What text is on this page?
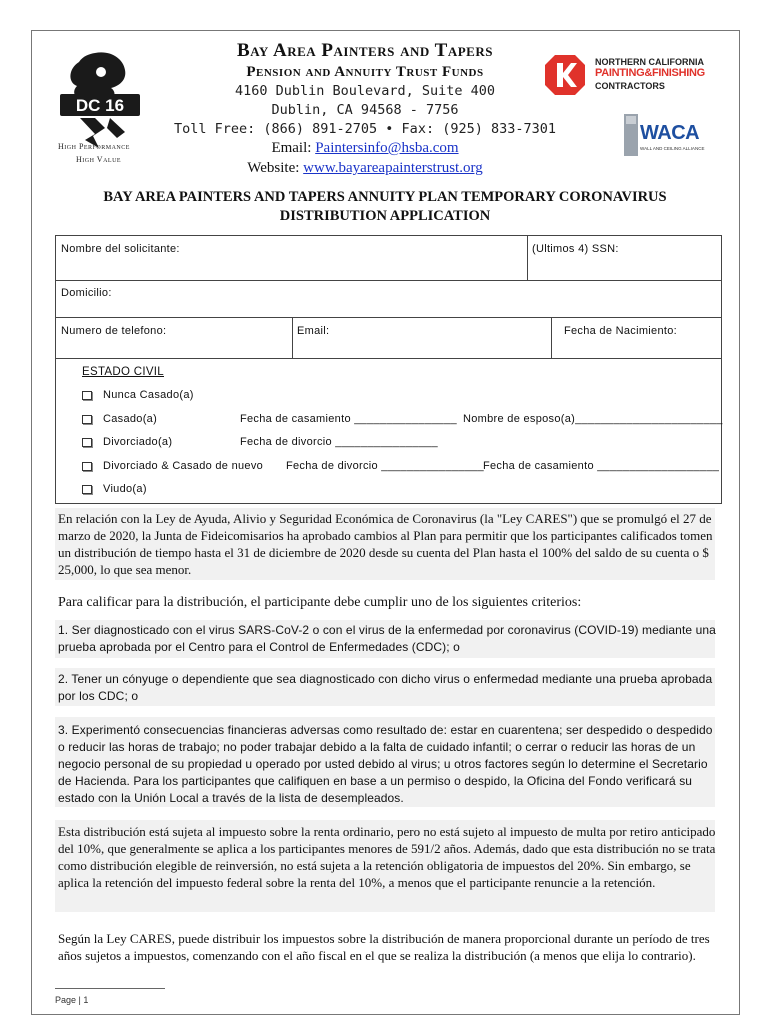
DC 16
High Performance
High Value
Bay Area Painters and Tapers
Pension and Annuity Trust Funds
4160 Dublin Boulevard, Suite 400
Dublin, CA 94568 - 7756
Toll Free: (866) 891-2705 • Fax: (925) 833-7301
Email: Paintersinfo@hsba.com
Website: www.bayareapainterstrust.org
NORTHERN CALIFORNIA
PAINTING&FINISHING
CONTRACTORS
WACA
WALL AND CEILING ALLIANCE
BAY AREA PAINTERS AND TAPERS ANNUITY PLAN TEMPORARY CORONAVIRUS
DISTRIBUTION APPLICATION
Nombre del solicitante:	(Ultimos 4) SSN:
Domicilio:
Numero de telefono:	Email:	Fecha de Nacimiento:
ESTADO CIVIL
Nunca Casado(a)
Casado(a)	Fecha de casamiento ________________ Nombre de esposo(a)_______________________
Divorciado(a)	Fecha de divorcio ________________
Divorciado & Casado de nuevo Fecha de divorcio ________________ Fecha de casamiento ___________________
Viudo(a)
En relación con la Ley de Ayuda, Alivio y Seguridad Económica de Coronavirus (la "Ley CARES") que se promulgó el 27 de marzo de 2020, la Junta de Fideicomisarios ha aprobado cambios al Plan para permitir que los participantes calificados tomen un distribución de tiempo hasta el 31 de diciembre de 2020 desde su cuenta del Plan hasta el 100% del saldo de su cuenta o $ 25,000, lo que sea menor.
Para calificar para la distribución, el participante debe cumplir uno de los siguientes criterios:
1. Ser diagnosticado con el virus SARS-CoV-2 o con el virus de la enfermedad por coronavirus (COVID-19) mediante una prueba aprobada por el Centro para el Control de Enfermedades (CDC); o
2. Tener un cónyuge o dependiente que sea diagnosticado con dicho virus o enfermedad mediante una prueba aprobada por los CDC; o
3. Experimentó consecuencias financieras adversas como resultado de: estar en cuarentena; ser despedido o despedido o reducir las horas de trabajo; no poder trabajar debido a la falta de cuidado infantil; o cerrar o reducir las horas de un negocio personal de su propiedad u operado por usted debido al virus; u otros factores según lo determine el Secretario de Hacienda. Para los participantes que califiquen en base a un permiso o despido, la Oficina del Fondo verificará su estado con la Unión Local a través de la lista de desempleados.
Esta distribución está sujeta al impuesto sobre la renta ordinario, pero no está sujeto al impuesto de multa por retiro anticipado del 10%, que generalmente se aplica a los participantes menores de 591/2 años. Además, dado que esta distribución no se trata como distribución elegible de reinversión, no está sujeta a la retención obligatoria de impuestos del 20%. Sin embargo, se aplica la retención del impuesto federal sobre la renta del 10%, a menos que el participante renuncie a la retención.
Según la Ley CARES, puede distribuir los impuestos sobre la distribución de manera proporcional durante un período de tres años sujetos a impuestos, comenzando con el año fiscal en el que se realiza la distribución (a menos que elija lo contrario).
Page | 1
